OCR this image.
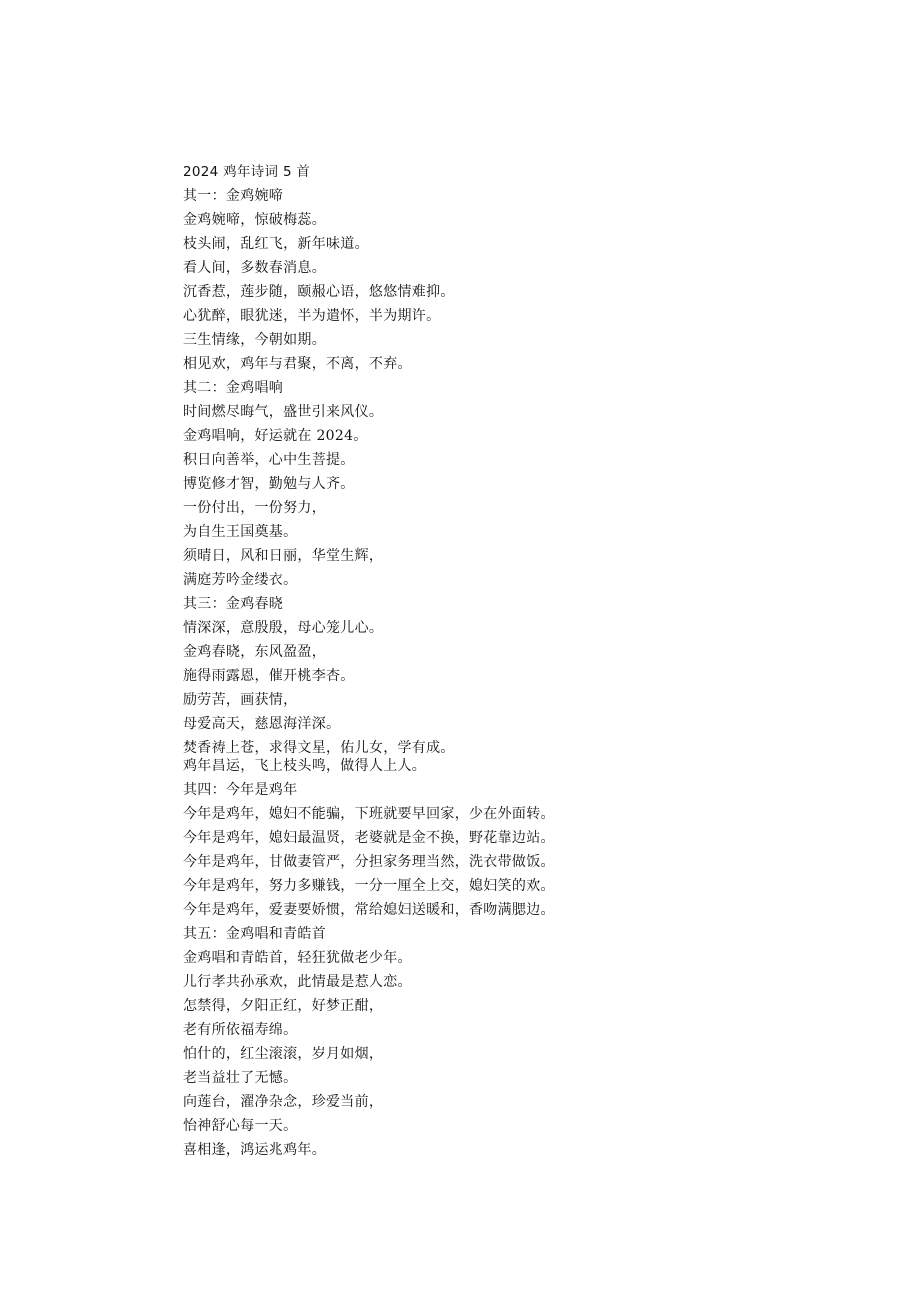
2024 鸡年诗词 5 首
其一：金鸡婉啼
金鸡婉啼，惊破梅蕊。
枝头闹，乱红飞，新年味道。
看人间，多数春消息。
沉香惹，莲步随，颐赧心语，悠悠情难抑。
心犹醉，眼犹迷，半为遣怀，半为期许。
三生情缘，今朝如期。
相见欢，鸡年与君聚，不离，不弃。
其二：金鸡唱响
时间燃尽晦气，盛世引来风仪。
金鸡唱响，好运就在 2024。
积日向善举，心中生菩提。
博览修才智，勤勉与人齐。
一份付出，一份努力，
为自生王国奠基。
须晴日，风和日丽，华堂生辉，
满庭芳吟金缕衣。
其三：金鸡春晓
情深深，意殷殷，母心笼儿心。
金鸡春晓，东风盈盈，
施得雨露恩，催开桃李杏。
励劳苦，画获情，
母爱高天，慈恩海洋深。
焚香祷上苍，求得文星，佑儿女，学有成。
鸡年昌运，飞上枝头鸣，做得人上人。
其四：今年是鸡年
今年是鸡年，媳妇不能骗，下班就要早回家，少在外面转。
今年是鸡年，媳妇最温贤，老婆就是金不换，野花靠边站。
今年是鸡年，甘做妻管严，分担家务理当然，洗衣带做饭。
今年是鸡年，努力多赚钱，一分一厘全上交，媳妇笑的欢。
今年是鸡年，爱妻要娇惯，常给媳妇送暖和，香吻满腮边。
其五：金鸡唱和青皓首
金鸡唱和青皓首，轻狂犹做老少年。
儿行孝共孙承欢，此情最是惹人恋。
怎禁得，夕阳正红，好梦正酣，
老有所依福寿绵。
怕什的，红尘滚滚，岁月如烟，
老当益壮了无憾。
向莲台，濯净杂念，珍爱当前，
怡神舒心每一天。
喜相逢，鸿运兆鸡年。
